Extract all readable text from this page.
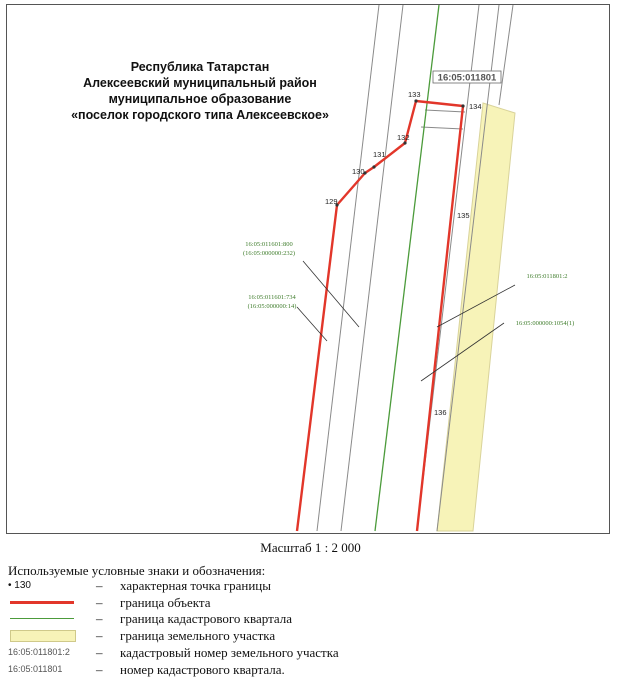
16:05:011801
129
130
131
132
133
134
135
136
16:05:011601:800
(16:05:000000:232)
16:05:011601:734
(16:05:000000:14)
16:05:011801:2
16:05:000000:1054(1)
Республика Татарстан
Алексеевский муниципальный район
муниципальное образование
«поселок городского типа Алексеевское»
Масштаб 1 : 2 000
Используемые условные знаки и обозначения:
• 130	– характерная точка границы
– граница объекта
– граница кадастрового квартала
– граница земельного участка
16:05:011801:2	– кадастровый номер земельного участка
16:05:011801	– номер кадастрового квартала.
